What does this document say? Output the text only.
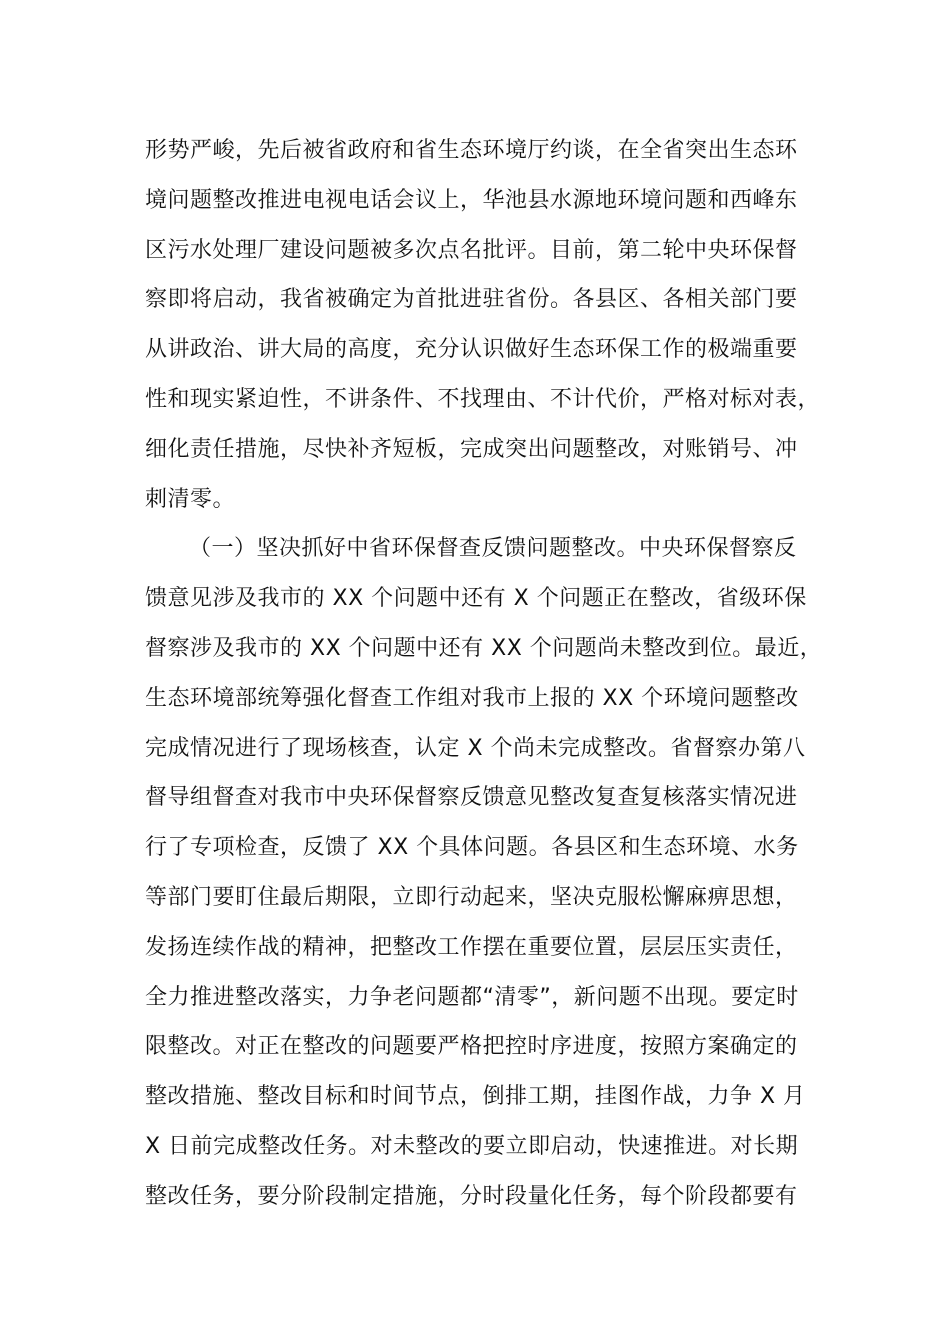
形势严峻，先后被省政府和省生态环境厅约谈，在全省突出生态环
境问题整改推进电视电话会议上，华池县水源地环境问题和西峰东
区污水处理厂建设问题被多次点名批评。目前，第二轮中央环保督
察即将启动，我省被确定为首批进驻省份。各县区、各相关部门要
从讲政治、讲大局的高度，充分认识做好生态环保工作的极端重要
性和现实紧迫性，不讲条件、不找理由、不计代价，严格对标对表，
细化责任措施，尽快补齐短板，完成突出问题整改，对账销号、冲
刺清零。
（一）坚决抓好中省环保督查反馈问题整改。中央环保督察反
馈意见涉及我市的 XX 个问题中还有 X 个问题正在整改，省级环保
督察涉及我市的 XX 个问题中还有 XX 个问题尚未整改到位。最近，
生态环境部统筹强化督查工作组对我市上报的 XX 个环境问题整改
完成情况进行了现场核查，认定 X 个尚未完成整改。省督察办第八
督导组督查对我市中央环保督察反馈意见整改复查复核落实情况进
行了专项检查，反馈了 XX 个具体问题。各县区和生态环境、水务
等部门要盯住最后期限，立即行动起来，坚决克服松懈麻痹思想，
发扬连续作战的精神，把整改工作摆在重要位置，层层压实责任，
全力推进整改落实，力争老问题都“清零”，新问题不出现。要定时
限整改。对正在整改的问题要严格把控时序进度，按照方案确定的
整改措施、整改目标和时间节点，倒排工期，挂图作战，力争 X 月
X 日前完成整改任务。对未整改的要立即启动，快速推进。对长期
整改任务，要分阶段制定措施，分时段量化任务，每个阶段都要有
